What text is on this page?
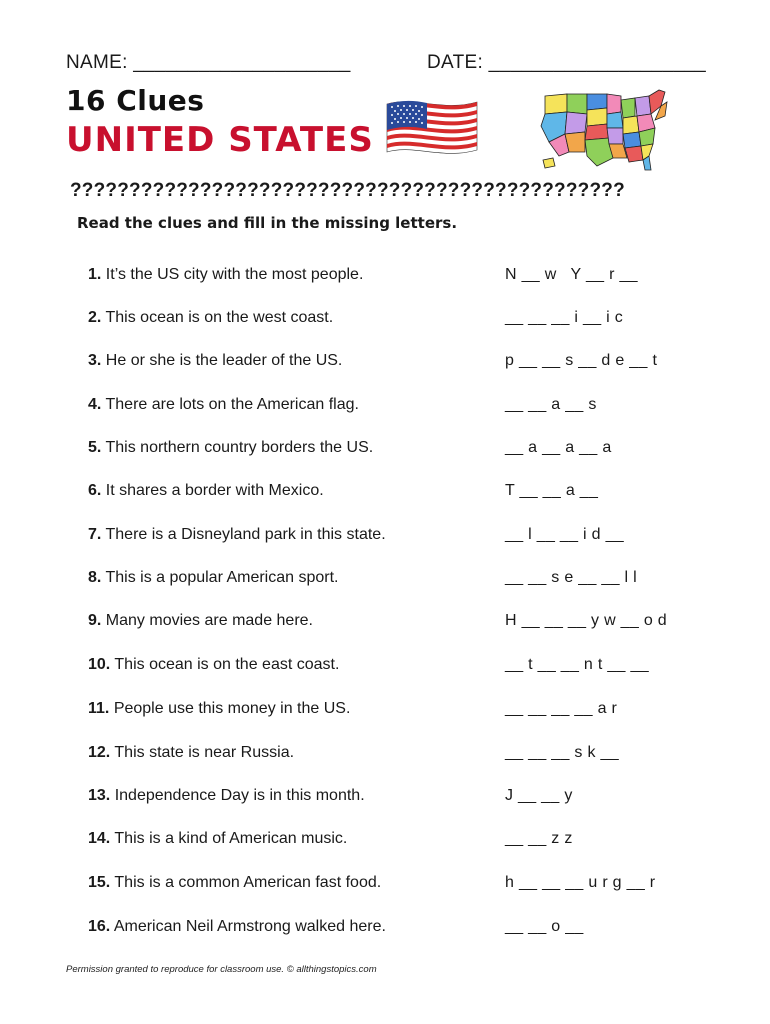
NAME: ____________________	DATE: ____________________
16 Clues
UNITED STATES
???????????????????????????????????????????????
Read the clues and fill in the missing letters.
1. It’s the US city with the most people.	N __ w   Y __ r __
2. This ocean is on the west coast.	__ __ __ i __ i c
3. He or she is the leader of the US.	p __ __ s __ d e __ t
4. There are lots on the American flag.	__ __ a __ s
5. This northern country borders the US.	__ a __ a __ a
6. It shares a border with Mexico.	T __ __ a __
7. There is a Disneyland park in this state.	__ l __ __ i d __
8. This is a popular American sport.	__ __ s e __ __ l l
9. Many movies are made here.	H __ __ __ y w __ o d
10. This ocean is on the east coast.	__ t __ __ n t __ __
11. People use this money in the US.	__ __ __ __ a r
12. This state is near Russia.	__ __ __ s k __
13. Independence Day is in this month.	J __ __ y
14. This is a kind of American music.	__ __ z z
15. This is a common American fast food.	h __ __ __ u r g __ r
16. American Neil Armstrong walked here.	__ __ o __
Permission granted to reproduce for classroom use. © allthingstopics.com
